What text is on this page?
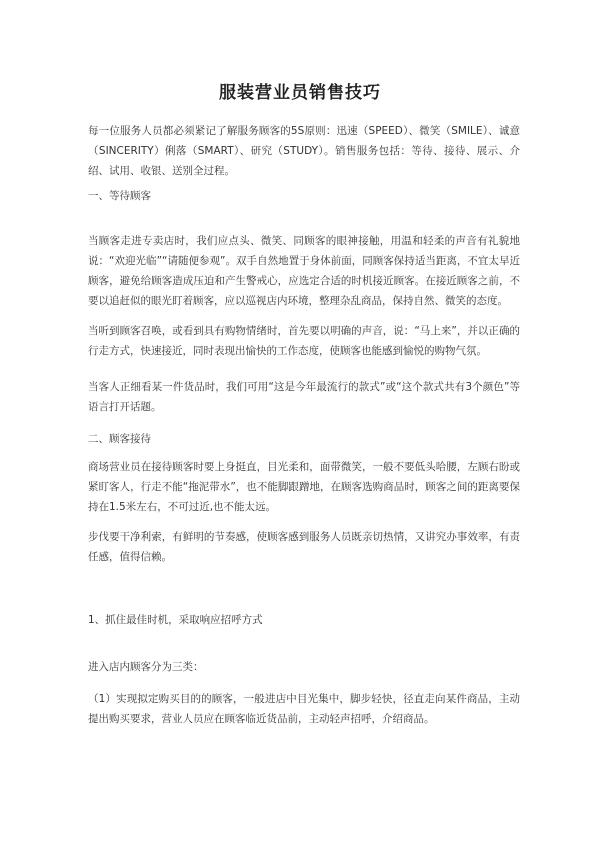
服装营业员销售技巧
每一位服务人员都必须紧记了解服务顾客的5S原则：迅速（SPEED）、微笑（SMILE）、诚意（SINCERITY）俐落（SMART）、研究（STUDY）。销售服务包括：等待、接待、展示、介绍、试用、收银、送别全过程。
一、等待顾客
当顾客走进专卖店时，我们应点头、微笑、同顾客的眼神接触，用温和轻柔的声音有礼貌地说：“欢迎光临”“请随便参观”。双手自然地置于身体前面，同顾客保持适当距离，不宜太早近顾客，避免给顾客造成压迫和产生警戒心，应选定合适的时机接近顾客。在接近顾客之前，不要以追赶似的眼光盯着顾客，应以巡视店内环境，整理杂乱商品，保持自然、微笑的态度。
当听到顾客召唤，或看到具有购物情绪时，首先要以明确的声音，说：“马上来”，并以正确的行走方式，快速接近，同时表现出愉快的工作态度，使顾客也能感到愉悦的购物气氛。
当客人正细看某一件货品时，我们可用“这是今年最流行的款式”或“这个款式共有3个颜色”等语言打开话题。
二、顾客接待
商场营业员在接待顾客时要上身挺直，目光柔和，面带微笑，一般不要低头哈腰，左顾右盼或紧盯客人，行走不能“拖泥带水”，也不能脚跟蹭地，在顾客选购商品时，顾客之间的距离要保持在1.5米左右，不可过近,也不能太远。
步伐要干净利索，有鲜明的节奏感，使顾客感到服务人员既亲切热情，又讲究办事效率，有责任感，值得信赖。
1、抓住最佳时机，采取响应招呼方式
进入店内顾客分为三类：
（1）实现拟定购买目的的顾客，一般进店中目光集中，脚步轻快，径直走向某件商品，主动提出购买要求，营业人员应在顾客临近货品前，主动轻声招呼，介绍商品。
